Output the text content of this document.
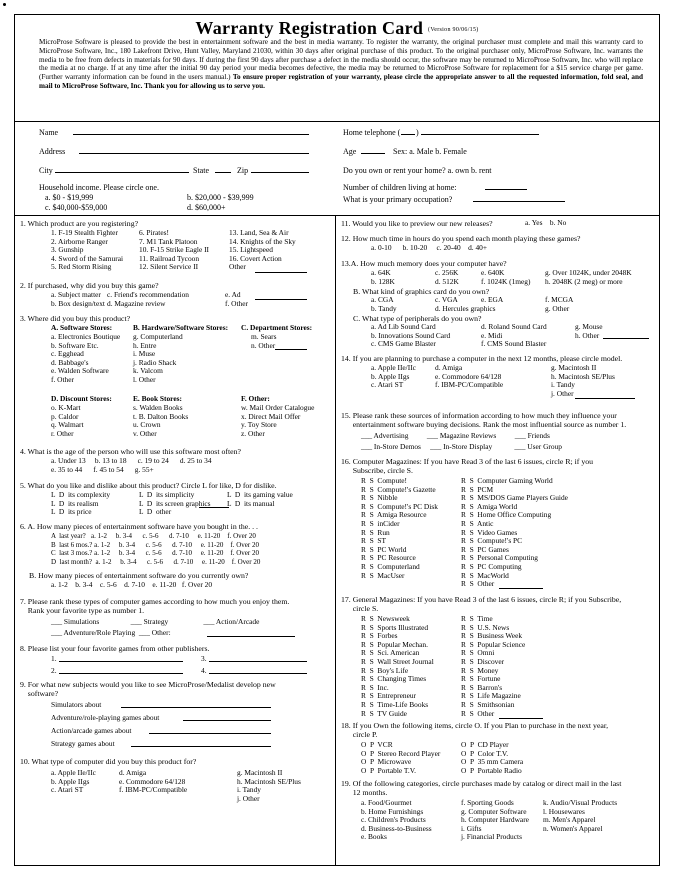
Warranty Registration Card (Version 90/06/15)
MicroProse Software is pleased to provide the best in entertainment software and the best in media warranty. To register the warranty, the original purchaser must complete and mail this warranty card to MicroProse Software, Inc., 180 Lakefront Drive, Hunt Valley, Maryland 21030, within 30 days after original purchase of this product. To the original purchaser only, MicroProse Software, Inc. warrants the media to be free from defects in materials for 90 days. If during the first 90 days after purchase a defect in the media should occur, the software may be returned to MicroProse Software, Inc. who will replace the media at no charge. If at any time after the initial 90 day period your media becomes defective, the media may be returned to MicroProse Software for replacement for a $15 service charge per game. (Further warranty information can be found in the users manual.) To ensure proper registration of your warranty, please circle the appropriate answer to all the requested information, fold seal, and mail to MicroProse Software, Inc. Thank you for allowing us to serve you.
Name
Address
City	State	Zip
Household income. Please circle one.
a. $0 - $19,999	b. $20,000 - $39,999
c. $40,000-$59,000	d. $60,000+
Home telephone ( )
Age	Sex: a. Male b. Female
Do you own or rent your home? a. own b. rent
Number of children living at home:
What is your primary occupation?
1. Which product are you registering?
1. F-19 Stealth Fighter
2. Airborne Ranger
3. Gunship
4. Sword of the Samurai
5. Red Storm Rising
6. Pirates!
7. M1 Tank Platoon
10. F-15 Strike Eagle II
11. Railroad Tycoon
12. Silent Service II
13. Land, Sea & Air
14. Knights of the Sky
15. Lightspeed
16. Covert Action
Other
2. If purchased, why did you buy this game?
a. Subject matter
b. Box design/text
c. Friend's recommendation
d. Magazine review
e. Ad
f. Other
3. Where did you buy this product?
A. Software Stores:
a. Electronics Boutique
b. Software Etc.
c. Egghead
d. Babbage's
e. Walden Software
f. Other
B. Hardware/Software Stores:
g. Computerland
h. Entre
i. Muse
j. Radio Shack
k. Valcom
l. Other
C. Department Stores:
m. Sears
n. Other
D. Discount Stores:
o. K-Mart
p. Caldor
q. Walmart
r. Other
E. Book Stores:
s. Walden Books
t. B. Dalton Books
u. Crown
v. Other
F. Other:
w. Mail Order Catalogue
x. Direct Mail Offer
y. Toy Store
z. Other
4. What is the age of the person who will use this software most often?
a. Under 13     b. 13 to 18      c. 19 to 24      d. 25 to 34
e. 35 to 44      f. 45 to 54      g. 55+
5. What do you like and dislike about this product? Circle L for like, D for dislike.
L  D  its complexity
L  D  its realism
L  D  its price
L  D  its simplicity
L  D  its screen graphics
L  D  other
L  D  its gaming value
L  D  its manual
6. A. How many pieces of entertainment software have you bought in the. . .
A  last year?   a. 1-2     b. 3-4      c. 5-6      d. 7-10     e. 11-20    f. Over 20
B  last 6 mos.? a. 1-2     b. 3-4      c. 5-6      d. 7-10     e. 11-20    f. Over 20
C  last 3 mos.? a. 1-2     b. 3-4      c. 5-6      d. 7-10     e. 11-20    f. Over 20
D  last month?  a. 1-2     b. 3-4      c. 5-6      d. 7-10     e. 11-20    f. Over 20
B. How many pieces of entertainment software do you currently own?
a. 1-2    b. 3-4    c. 5-6    d. 7-10    e. 11-20   f. Over 20
7. Please rank these types of computer games according to how much you enjoy them.
Rank your favorite type as number 1.
___ Simulations                 ___ Strategy                   ___ Action/Arcade
___ Adventure/Role Playing  ___ Other:
8. Please list your four favorite games from other publishers.
1.	3.
2.	4.
9. For what new subjects would you like to see MicroProse/Medalist develop new
software?
Simulators about
Adventure/role-playing games about
Action/arcade games about
Strategy games about
10. What type of computer did you buy this product for?
a. Apple IIe/IIc
b. Apple IIgs
c. Atari ST
d. Amiga
e. Commodore 64/128
f. IBM-PC/Compatible
g. Macintosh II
h. Macintosh SE/Plus
i. Tandy
j. Other
11. Would you like to preview our new releases?	a. Yes    b. No
12. How much time in hours do you spend each month playing these games?
a. 0-10      b. 10-20     c. 20-40    d. 40+
13.A. How much memory does your computer have?
a. 64K
b. 128K
c. 256K
d. 512K
e. 640K
f. 1024K (1meg)
g. Over 1024K, under 2048K
h. 2048K (2 meg) or more
B. What kind of graphics card do you own?
a. CGA
b. Tandy
c. VGA
d. Hercules graphics
e. EGA	f. MCGA
g. Other
C. What type of peripherals do you own?
a. Ad Lib Sound Card
b. Innovations Sound Card
c. CMS Game Blaster
d. Roland Sound Card
e. Midi
f. CMS Sound Blaster
g. Mouse
h. Other
14. If you are planning to purchase a computer in the next 12 months, please circle model.
a. Apple IIe/IIc
b. Apple IIgs
c. Atari ST
d. Amiga
e. Commodore 64/128
f. IBM-PC/Compatible
g. Macintosh II
h. Macintosh SE/Plus
i. Tandy
j. Other
15. Please rank these sources of information according to how much they influence your
entertainment software buying decisions. Rank the most influential source as number 1.
___ Advertising          ___ Magazine Reviews          ___ Friends
___ In-Store Demos     ___ In-Store Display            ___ User Group
16. Computer Magazines: If you have Read 3 of the last 6 issues, circle R; if you
Subscribe, circle S.
R  S  Compute!
R  S  Compute!'s Gazette
R  S  Nibble
R  S  Compute!'s PC Disk
R  S  Amiga Resource
R  S  inCider
R  S  Run
R  S  ST
R  S  PC World
R  S  PC Resource
R  S  Computerland
R  S  MacUser
R  S  Computer Gaming World
R  S  PCM
R  S  MS/DOS Game Players Guide
R  S  Amiga World
R  S  Home Office Computing
R  S  Antic
R  S  Video Games
R  S  Compute!'s PC
R  S  PC Games
R  S  Personal Computing
R  S  PC Computing
R  S  MacWorld
R  S  Other
17. General Magazines: If you have Read 3 of the last 6 issues, circle R; if you Subscribe,
circle S.
R  S  Newsweek
R  S  Sports Illustrated
R  S  Forbes
R  S  Popular Mechan.
R  S  Sci. American
R  S  Wall Street Journal
R  S  Boy's Life
R  S  Changing Times
R  S  Inc.
R  S  Entrepreneur
R  S  Time-Life Books
R  S  TV Guide
R  S  Time
R  S  U.S. News
R  S  Business Week
R  S  Popular Science
R  S  Omni
R  S  Discover
R  S  Money
R  S  Fortune
R  S  Barron's
R  S  Life Magazine
R  S  Smithsonian
R  S  Other
18. If you Own the following items, circle O. If you Plan to purchase in the next year,
circle P.
O  P  VCR
O  P  Stereo Record Player
O  P  Microwave
O  P  Portable T.V.
O  P  CD Player
O  P  Color T.V.
O  P  35 mm Camera
O  P  Portable Radio
19. Of the following categories, circle purchases made by catalog or direct mail in the last
12 months.
a. Food/Gourmet
b. Home Furnishings
c. Children's Products
d. Business-to-Business
e. Books
f. Sporting Goods
g. Computer Software
h. Computer Hardware
i. Gifts
j. Financial Products
k. Audio/Visual Products
l. Housewares
m. Men's Apparel
n. Women's Apparel
